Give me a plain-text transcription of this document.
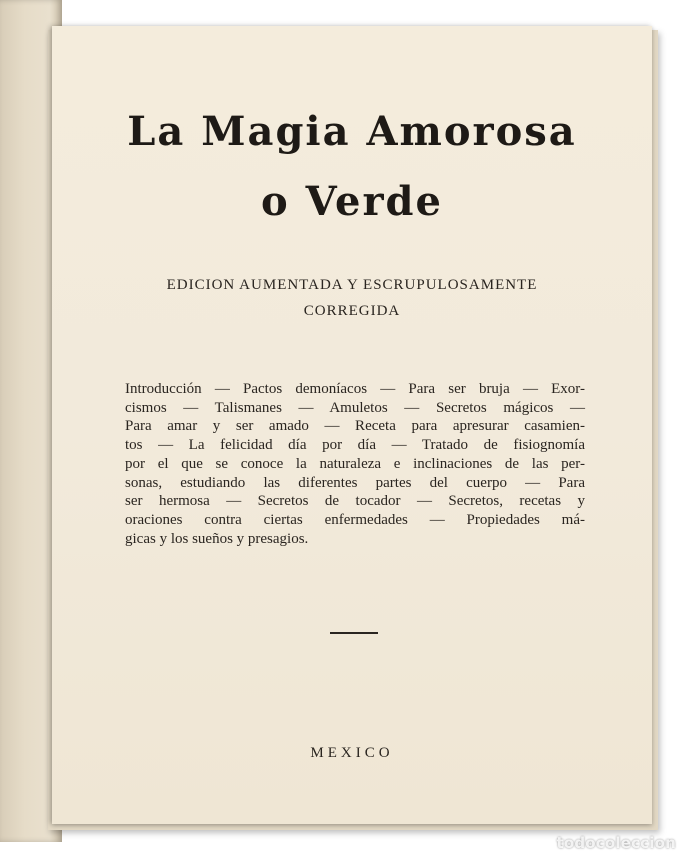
La Magia Amorosa
o Verde

EDICION AUMENTADA Y ESCRUPULOSAMENTE

CORREGIDA

Introducción — Pactos demoníacos — Para ser bruja — Exor-
cismos — Talismanes — Amuletos — Secretos mágicos —
Para amar y ser amado — Receta para apresurar casamien-
tos — La felicidad día por día — Tratado de fisiognomía
por el que se conoce la naturaleza e inclinaciones de las per-
sonas, estudiando las diferentes partes del cuerpo — Para
ser hermosa — Secretos de tocador — Secretos, recetas y
oraciones contra ciertas enfermedades — Propiedades má-
gicas y los sueños y presagios.
MEXICO
todocoleccion
